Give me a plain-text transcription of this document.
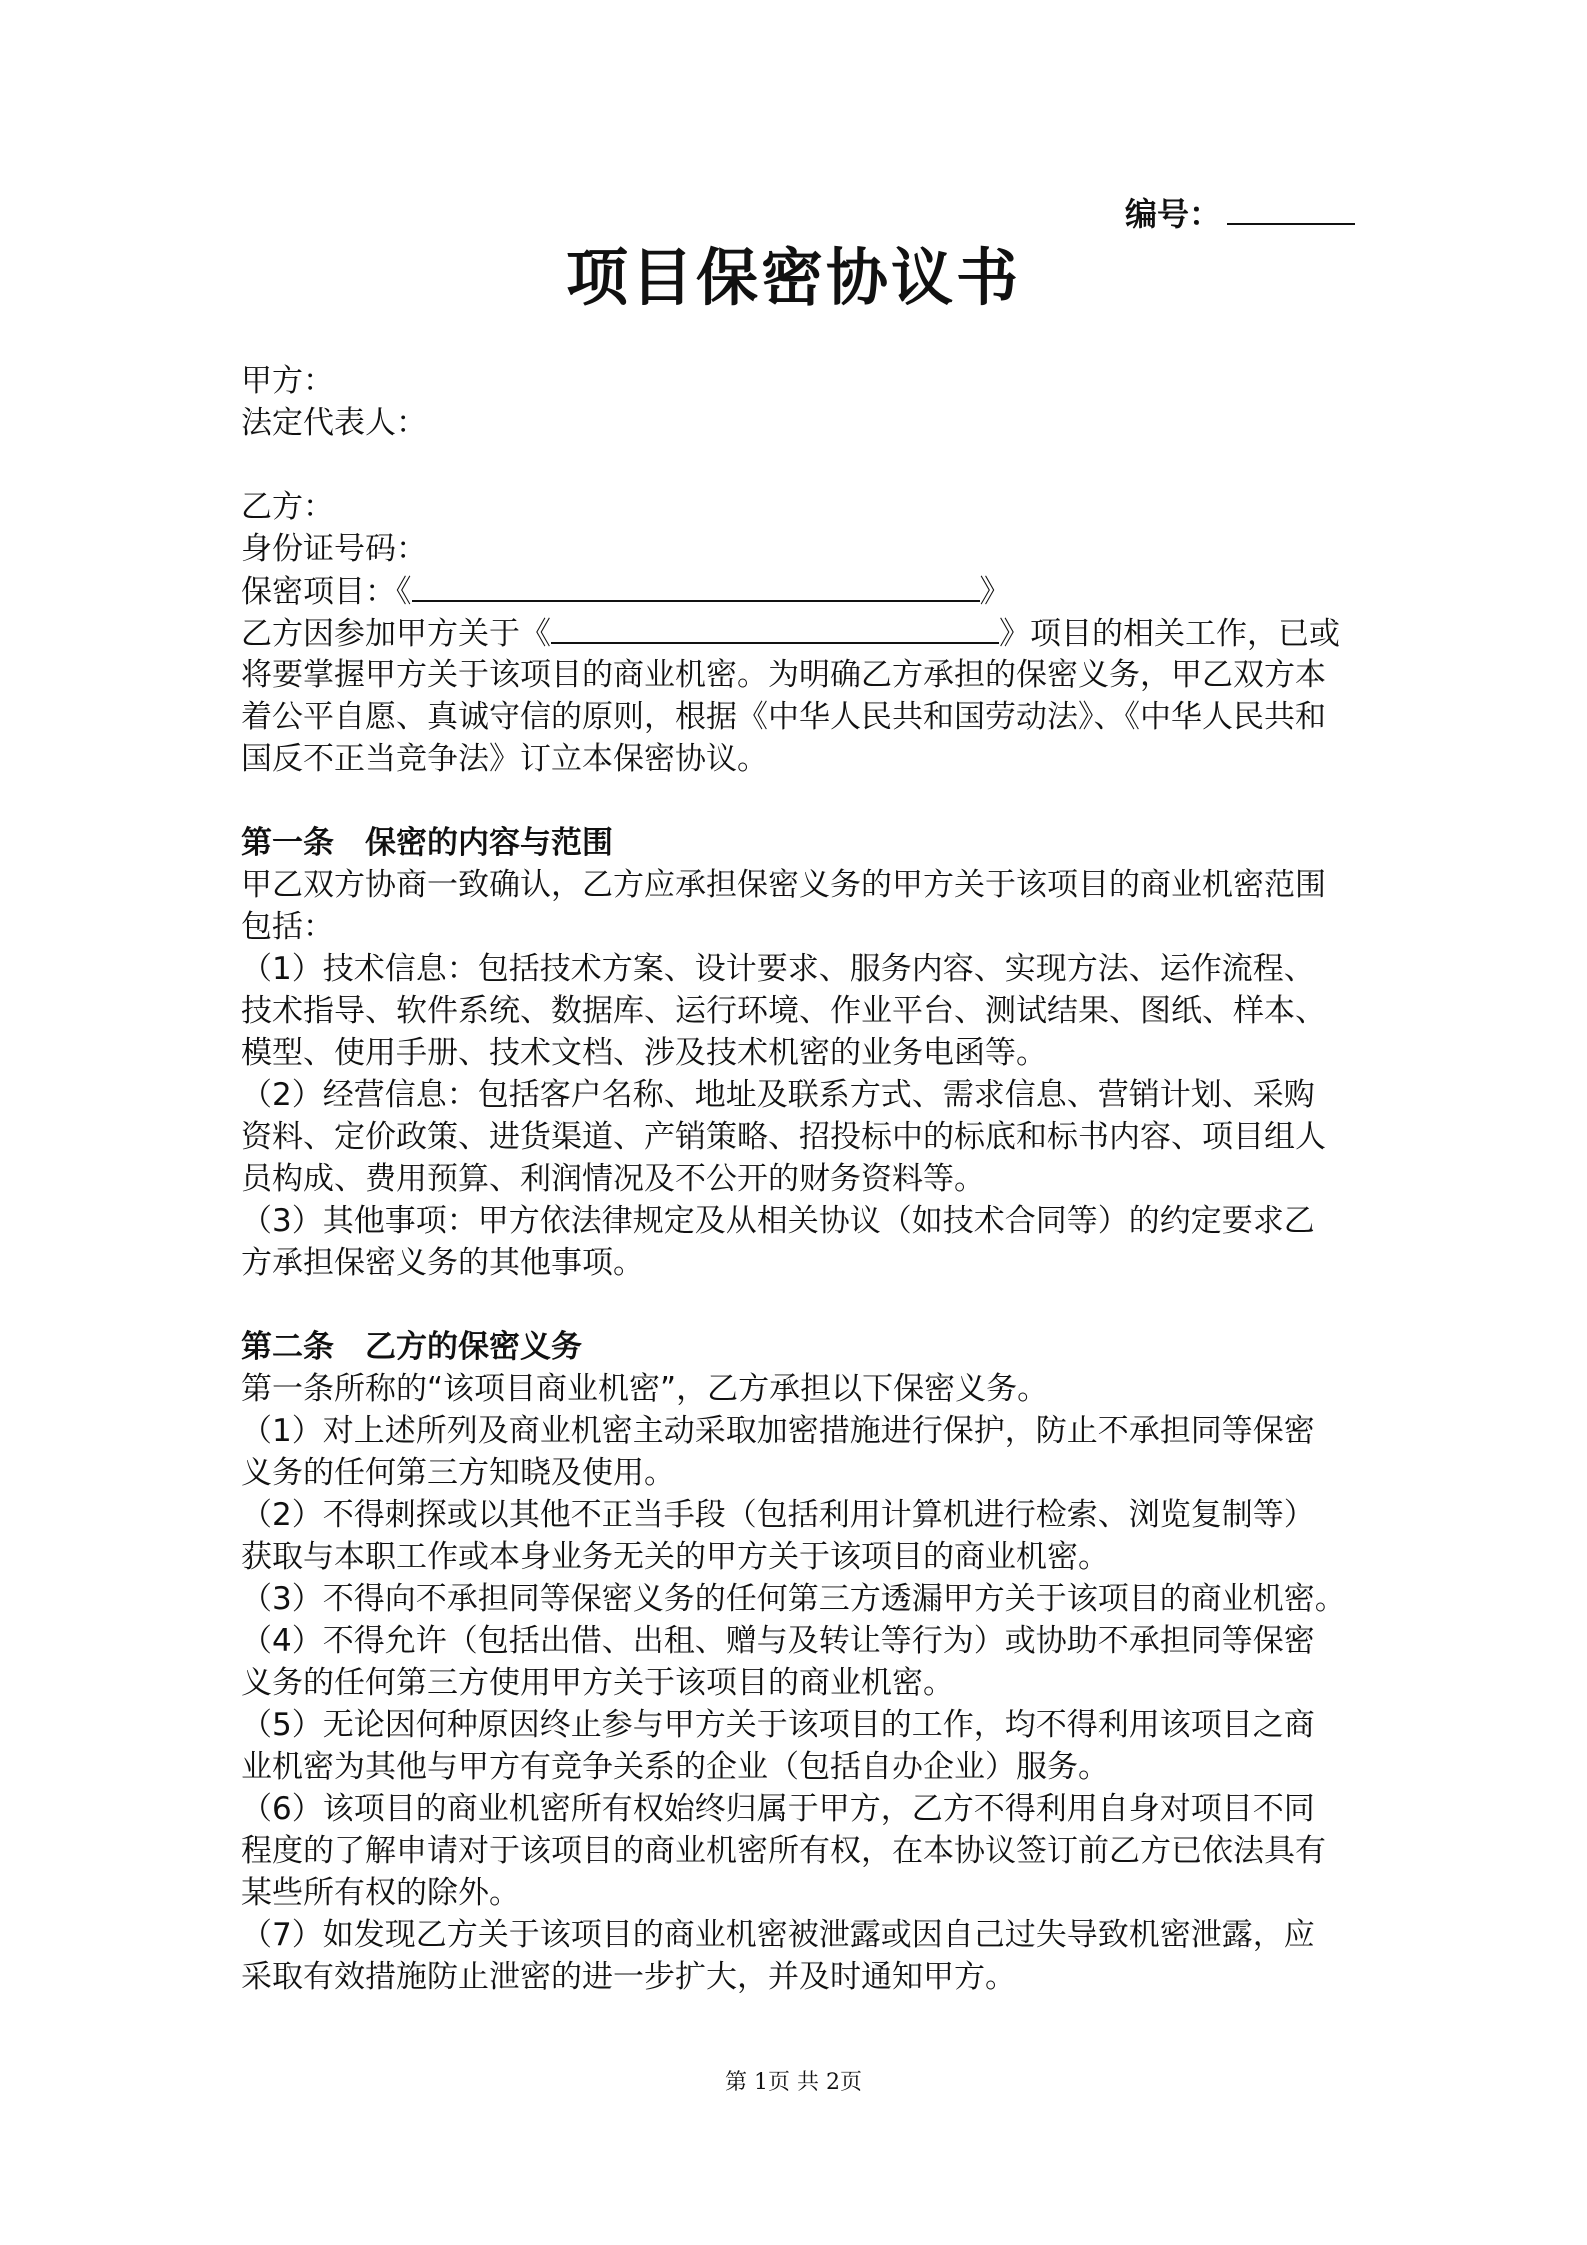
编号：
项目保密协议书
甲方：
法定代表人：
乙方：
身份证号码：
保密项目：《	》
乙方因参加甲方关于《	》项目的相关工作，已或
将要掌握甲方关于该项目的商业机密。为明确乙方承担的保密义务，甲乙双方本
着公平自愿、真诚守信的原则，根据《中华人民共和国劳动法》、《中华人民共和
国反不正当竞争法》订立本保密协议。
第一条　保密的内容与范围
甲乙双方协商一致确认，乙方应承担保密义务的甲方关于该项目的商业机密范围
包括：
（1）技术信息：包括技术方案、设计要求、服务内容、实现方法、运作流程、
技术指导、软件系统、数据库、运行环境、作业平台、测试结果、图纸、样本、
模型、使用手册、技术文档、涉及技术机密的业务电函等。
（2）经营信息：包括客户名称、地址及联系方式、需求信息、营销计划、采购
资料、定价政策、进货渠道、产销策略、招投标中的标底和标书内容、项目组人
员构成、费用预算、利润情况及不公开的财务资料等。
（3）其他事项：甲方依法律规定及从相关协议（如技术合同等）的约定要求乙
方承担保密义务的其他事项。
第二条　乙方的保密义务
第一条所称的“该项目商业机密”，乙方承担以下保密义务。
（1）对上述所列及商业机密主动采取加密措施进行保护，防止不承担同等保密
义务的任何第三方知晓及使用。
（2）不得刺探或以其他不正当手段（包括利用计算机进行检索、浏览复制等）
获取与本职工作或本身业务无关的甲方关于该项目的商业机密。
（3）不得向不承担同等保密义务的任何第三方透漏甲方关于该项目的商业机密。
（4）不得允许（包括出借、出租、赠与及转让等行为）或协助不承担同等保密
义务的任何第三方使用甲方关于该项目的商业机密。
（5）无论因何种原因终止参与甲方关于该项目的工作，均不得利用该项目之商
业机密为其他与甲方有竞争关系的企业（包括自办企业）服务。
（6）该项目的商业机密所有权始终归属于甲方，乙方不得利用自身对项目不同
程度的了解申请对于该项目的商业机密所有权，在本协议签订前乙方已依法具有
某些所有权的除外。
（7）如发现乙方关于该项目的商业机密被泄露或因自己过失导致机密泄露，应
采取有效措施防止泄密的进一步扩大，并及时通知甲方。
第 1页 共 2页
